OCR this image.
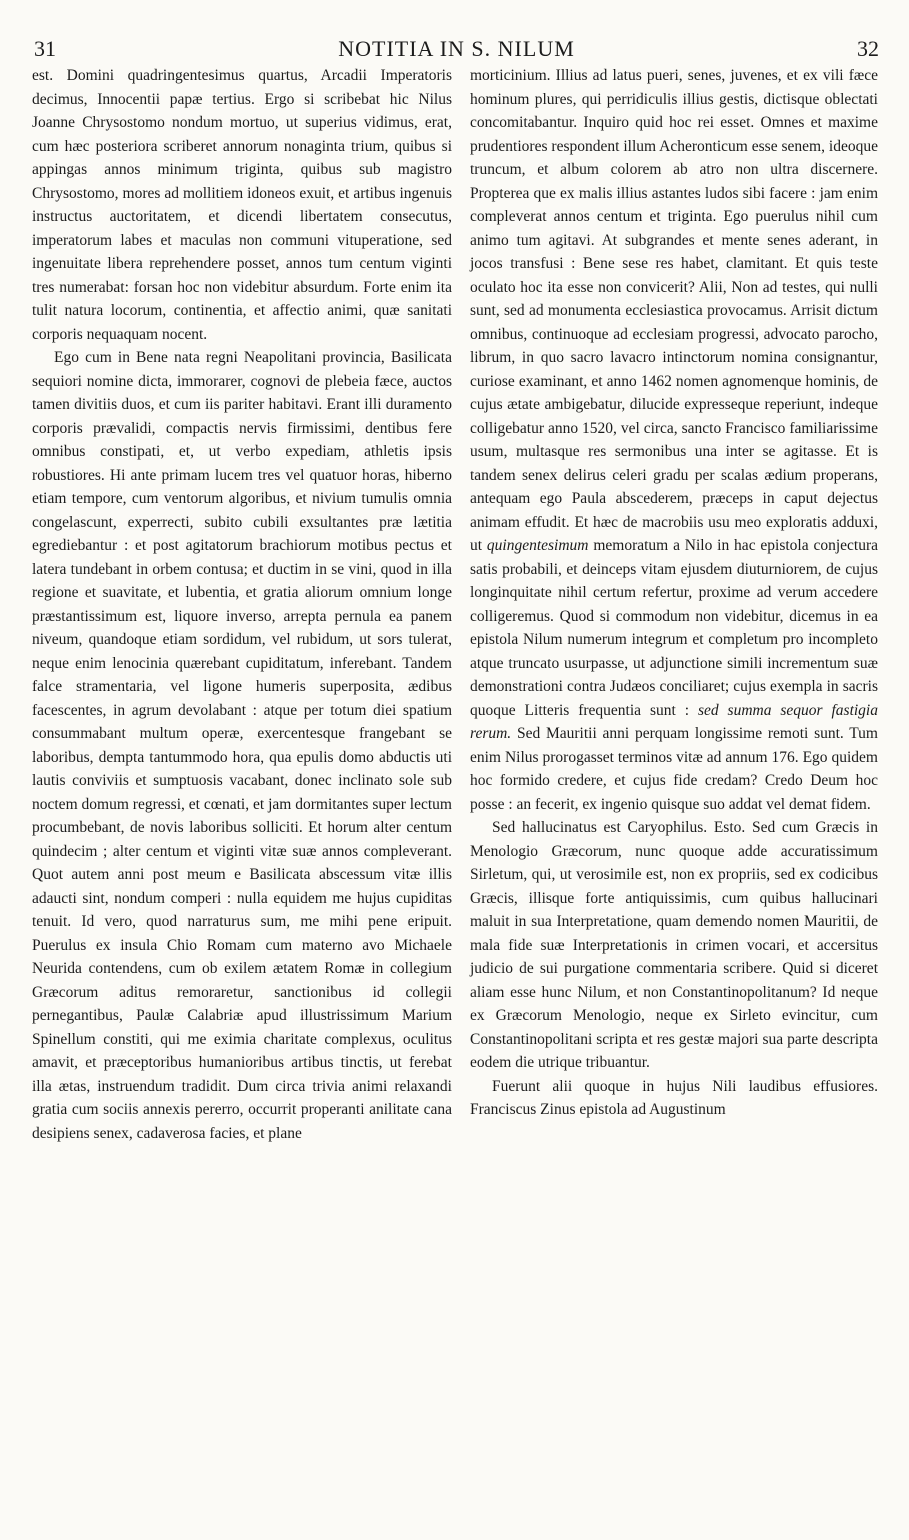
31	NOTITIA IN S. NILUM	32

est. Domini quadringentesimus quartus, Arcadii Imperatoris decimus, Innocentii papæ tertius. Ergo si scribebat hic Nilus Joanne Chrysostomo nondum mortuo, ut superius vidimus, erat, cum hæc posteriora scriberet annorum nonaginta trium, quibus si appingas annos minimum triginta, quibus sub magistro Chrysostomo, mores ad mollitiem idoneos exuit, et artibus ingenuis instructus auctoritatem, et dicendi libertatem consecutus, imperatorum labes et maculas non communi vituperatione, sed ingenuitate libera reprehendere posset, annos tum centum viginti tres numerabat: forsan hoc non videbitur absurdum. Forte enim ita tulit natura locorum, continentia, et affectio animi, quæ sanitati corporis nequaquam nocent.

Ego cum in Bene nata regni Neapolitani provincia, Basilicata sequiori nomine dicta, immorarer, cognovi de plebeia fæce, auctos tamen divitiis duos, et cum iis pariter habitavi. Erant illi duramento corporis prævalidi, compactis nervis firmissimi, dentibus fere omnibus constipati, et, ut verbo expediam, athletis ipsis robustiores. Hi ante primam lucem tres vel quatuor horas, hiberno etiam tempore, cum ventorum algoribus, et nivium tumulis omnia congelascunt, experrecti, subito cubili exsultantes præ lætitia egrediebantur : et post agitatorum brachiorum motibus pectus et latera tundebant in orbem contusa; et ductim in se vini, quod in illa regione et suavitate, et lubentia, et gratia aliorum omnium longe præstantissimum est, liquore inverso, arrepta pernula ea panem niveum, quandoque etiam sordidum, vel rubidum, ut sors tulerat, neque enim lenocinia quærebant cupiditatum, inferebant. Tandem falce stramentaria, vel ligone humeris superposita, ædibus facescentes, in agrum devolabant : atque per totum diei spatium consummabant multum operæ, exercentesque frangebant se laboribus, dempta tantummodo hora, qua epulis domo abductis uti lautis conviviis et sumptuosis vacabant, donec inclinato sole sub noctem domum regressi, et cœnati, et jam dormitantes super lectum procumbebant, de novis laboribus solliciti. Et horum alter centum quindecim ; alter centum et viginti vitæ suæ annos compleverant. Quot autem anni post meum e Basilicata abscessum vitæ illis adaucti sint, nondum comperi : nulla equidem me hujus cupiditas tenuit. Id vero, quod narraturus sum, me mihi pene eripuit. Puerulus ex insula Chio Romam cum materno avo Michaele Neurida contendens, cum ob exilem ætatem Romæ in collegium Græcorum aditus remoraretur, sanctionibus id collegii pernegantibus, Paulæ Calabriæ apud illustrissimum Marium Spinellum constiti, qui me eximia charitate complexus, oculitus amavit, et præceptoribus humanioribus artibus tinctis, ut ferebat illa ætas, instruendum tradidit. Dum circa trivia animi relaxandi gratia cum sociis annexis pererro, occurrit properanti anilitate cana desipiens senex, cadaverosa facies, et plane

morticinium. Illius ad latus pueri, senes, juvenes, et ex vili fæce hominum plures, qui perridiculis illius gestis, dictisque oblectati concomitabantur. Inquiro quid hoc rei esset. Omnes et maxime prudentiores respondent illum Acheronticum esse senem, ideoque truncum, et album colorem ab atro non ultra discernere. Propterea que ex malis illius astantes ludos sibi facere : jam enim compleverat annos centum et triginta. Ego puerulus nihil cum animo tum agitavi. At subgrandes et mente senes aderant, in jocos transfusi : Bene sese res habet, clamitant. Et quis teste oculato hoc ita esse non convicerit? Alii, Non ad testes, qui nulli sunt, sed ad monumenta ecclesiastica provocamus. Arrisit dictum omnibus, continuoque ad ecclesiam progressi, advocato parocho, librum, in quo sacro lavacro intinctorum nomina consignantur, curiose examinant, et anno 1462 nomen agnomenque hominis, de cujus ætate ambigebatur, dilucide expresseque reperiunt, indeque colligebatur anno 1520, vel circa, sancto Francisco familiarissime usum, multasque res sermonibus una inter se agitasse. Et is tandem senex delirus celeri gradu per scalas ædium properans, antequam ego Paula abscederem, præceps in caput dejectus animam effudit. Et hæc de macrobiis usu meo exploratis adduxi, ut quingentesimum memoratum a Nilo in hac epistola conjectura satis probabili, et deinceps vitam ejusdem diuturniorem, de cujus longinquitate nihil certum refertur, proxime ad verum accedere colligeremus. Quod si commodum non videbitur, dicemus in ea epistola Nilum numerum integrum et completum pro incompleto atque truncato usurpasse, ut adjunctione simili incrementum suæ demonstrationi contra Judæos conciliaret; cujus exempla in sacris quoque Litteris frequentia sunt : sed summa sequor fastigia rerum. Sed Mauritii anni perquam longissime remoti sunt. Tum enim Nilus prorogasset terminos vitæ ad annum 176. Ego quidem hoc formido credere, et cujus fide credam? Credo Deum hoc posse : an fecerit, ex ingenio quisque suo addat vel demat fidem.

Sed hallucinatus est Caryophilus. Esto. Sed cum Græcis in Menologio Græcorum, nunc quoque adde accuratissimum Sirletum, qui, ut verosimile est, non ex propriis, sed ex codicibus Græcis, illisque forte antiquissimis, cum quibus hallucinari maluit in sua Interpretatione, quam demendo nomen Mauritii, de mala fide suæ Interpretationis in crimen vocari, et accersitus judicio de sui purgatione commentaria scribere. Quid si diceret aliam esse hunc Nilum, et non Constantinopolitanum? Id neque ex Græcorum Menologio, neque ex Sirleto evincitur, cum Constantinopolitani scripta et res gestæ majori sua parte descripta eodem die utrique tribuantur.

Fuerunt alii quoque in hujus Nili laudibus effusiores. Franciscus Zinus epistola ad Augustinum
